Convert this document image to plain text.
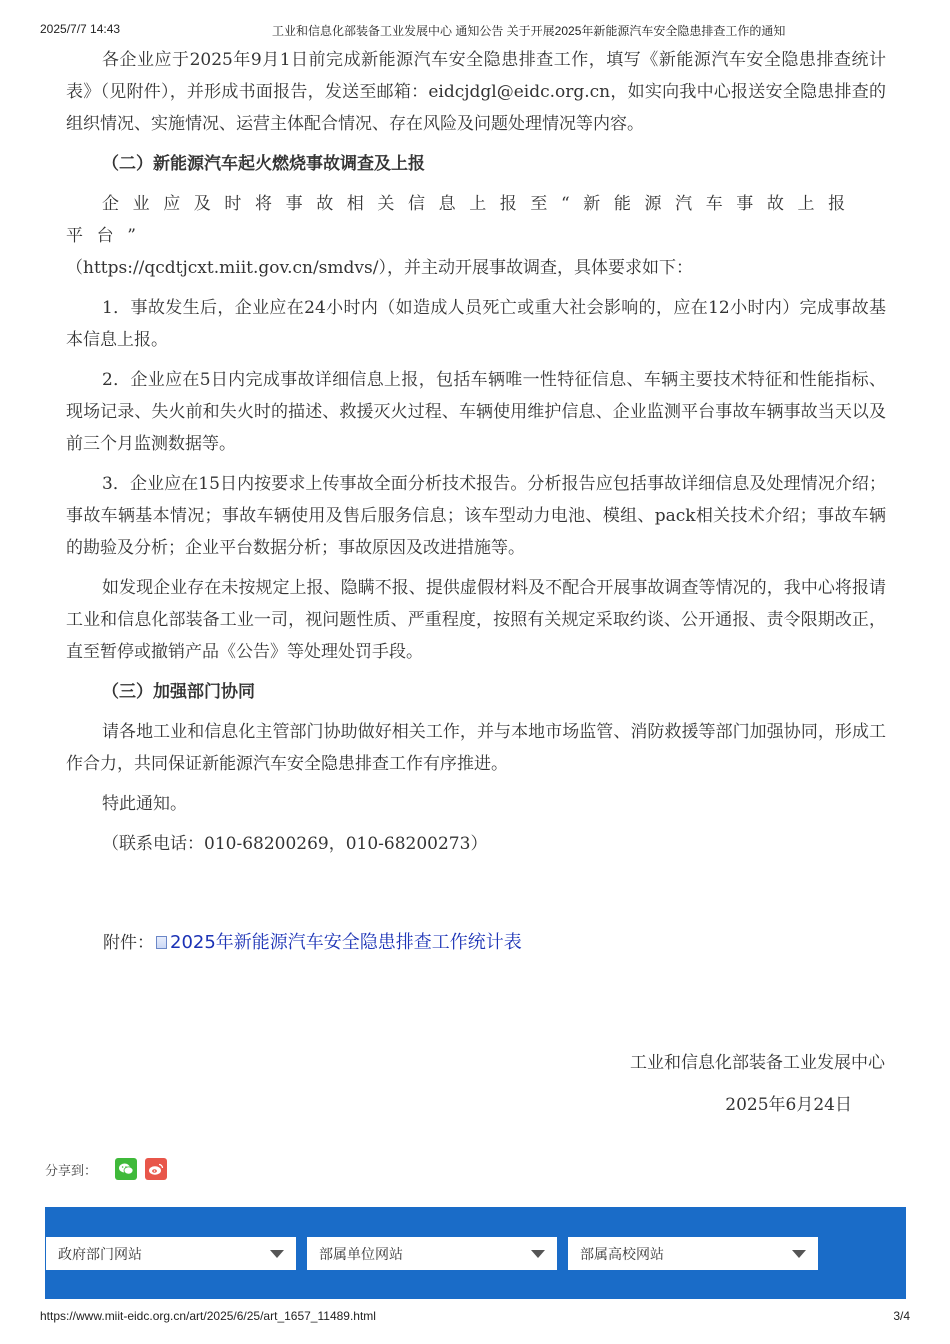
2025/7/7 14:43	工业和信息化部装备工业发展中心 通知公告 关于开展2025年新能源汽车安全隐患排查工作的通知

各企业应于2025年9月1日前完成新能源汽车安全隐患排查工作，填写《新能源汽车安全隐患排查统计表》（见附件），并形成书面报告，发送至邮箱：eidcjdgl@eidc.org.cn，如实向我中心报送安全隐患排查的组织情况、实施情况、运营主体配合情况、存在风险及问题处理情况等内容。

（二）新能源汽车起火燃烧事故调查及上报

企业应及时将事故相关信息上报至“新能源汽车事故上报平台”

（https://qcdtjcxt.miit.gov.cn/smdvs/），并主动开展事故调查，具体要求如下：

1．事故发生后，企业应在24小时内（如造成人员死亡或重大社会影响的，应在12小时内）完成事故基本信息上报。

2．企业应在5日内完成事故详细信息上报，包括车辆唯一性特征信息、车辆主要技术特征和性能指标、现场记录、失火前和失火时的描述、救援灭火过程、车辆使用维护信息、企业监测平台事故车辆事故当天以及前三个月监测数据等。

3．企业应在15日内按要求上传事故全面分析技术报告。分析报告应包括事故详细信息及处理情况介绍；事故车辆基本情况；事故车辆使用及售后服务信息；该车型动力电池、模组、pack相关技术介绍；事故车辆的勘验及分析；企业平台数据分析；事故原因及改进措施等。

如发现企业存在未按规定上报、隐瞒不报、提供虚假材料及不配合开展事故调查等情况的，我中心将报请工业和信息化部装备工业一司，视问题性质、严重程度，按照有关规定采取约谈、公开通报、责令限期改正，直至暂停或撤销产品《公告》等处理处罚手段。

（三）加强部门协同

请各地工业和信息化主管部门协助做好相关工作，并与本地市场监管、消防救援等部门加强协同，形成工作合力，共同保证新能源汽车安全隐患排查工作有序推进。

特此通知。

（联系电话：010-68200269，010-68200273）

附件： 2025年新能源汽车安全隐患排查工作统计表
工业和信息化部装备工业发展中心
2025年6月24日
分享到：
政府部门网站	部属单位网站	部属高校网站
https://www.miit-eidc.org.cn/art/2025/6/25/art_1657_11489.html	3/4
